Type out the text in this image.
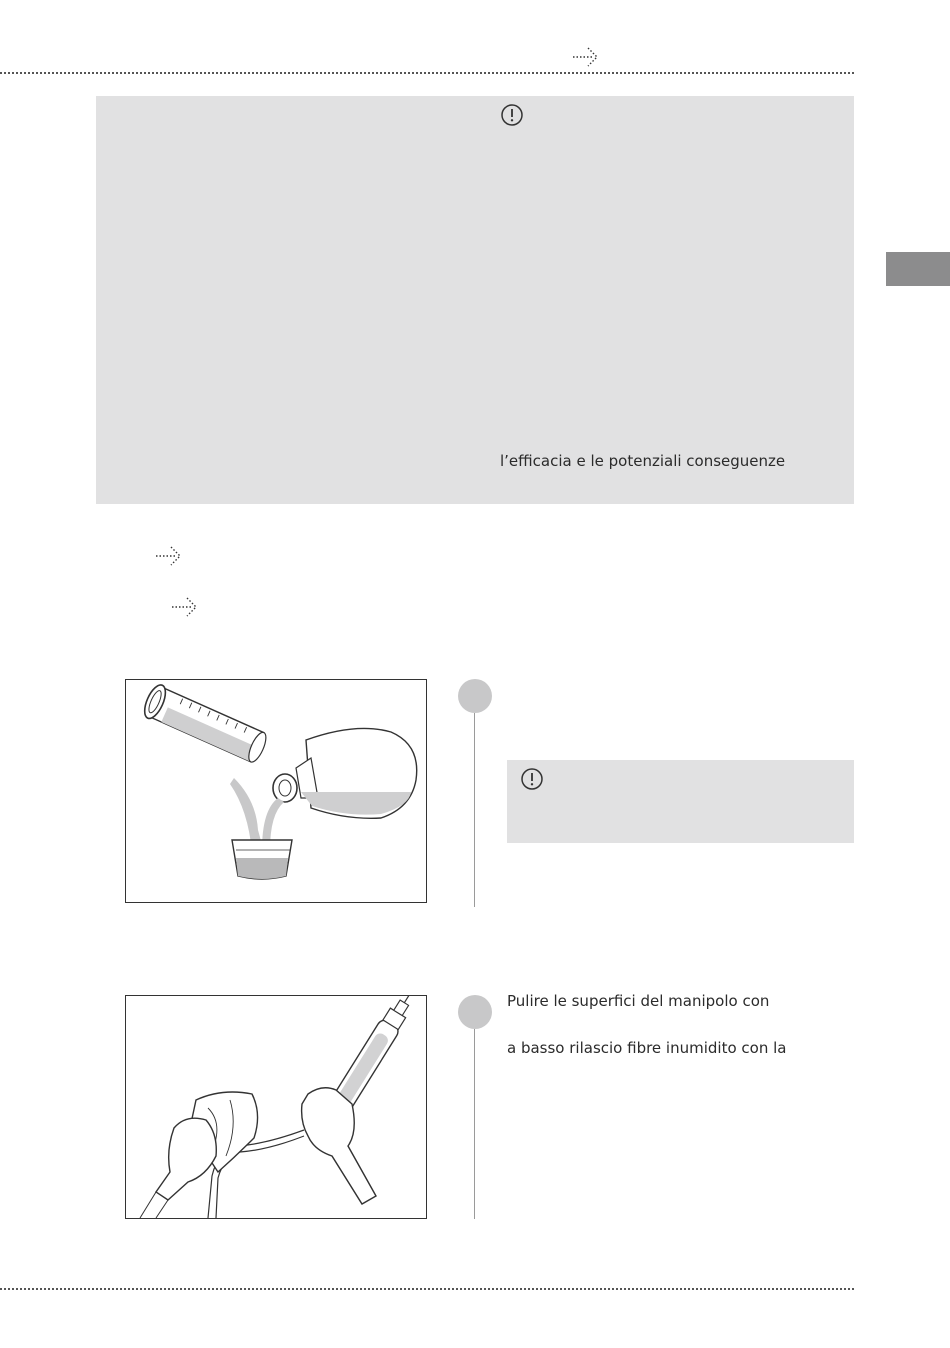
l’efficacia e le potenziali conseguenze
Pulire le superfici del manipolo con
a basso rilascio fibre inumidito con la
